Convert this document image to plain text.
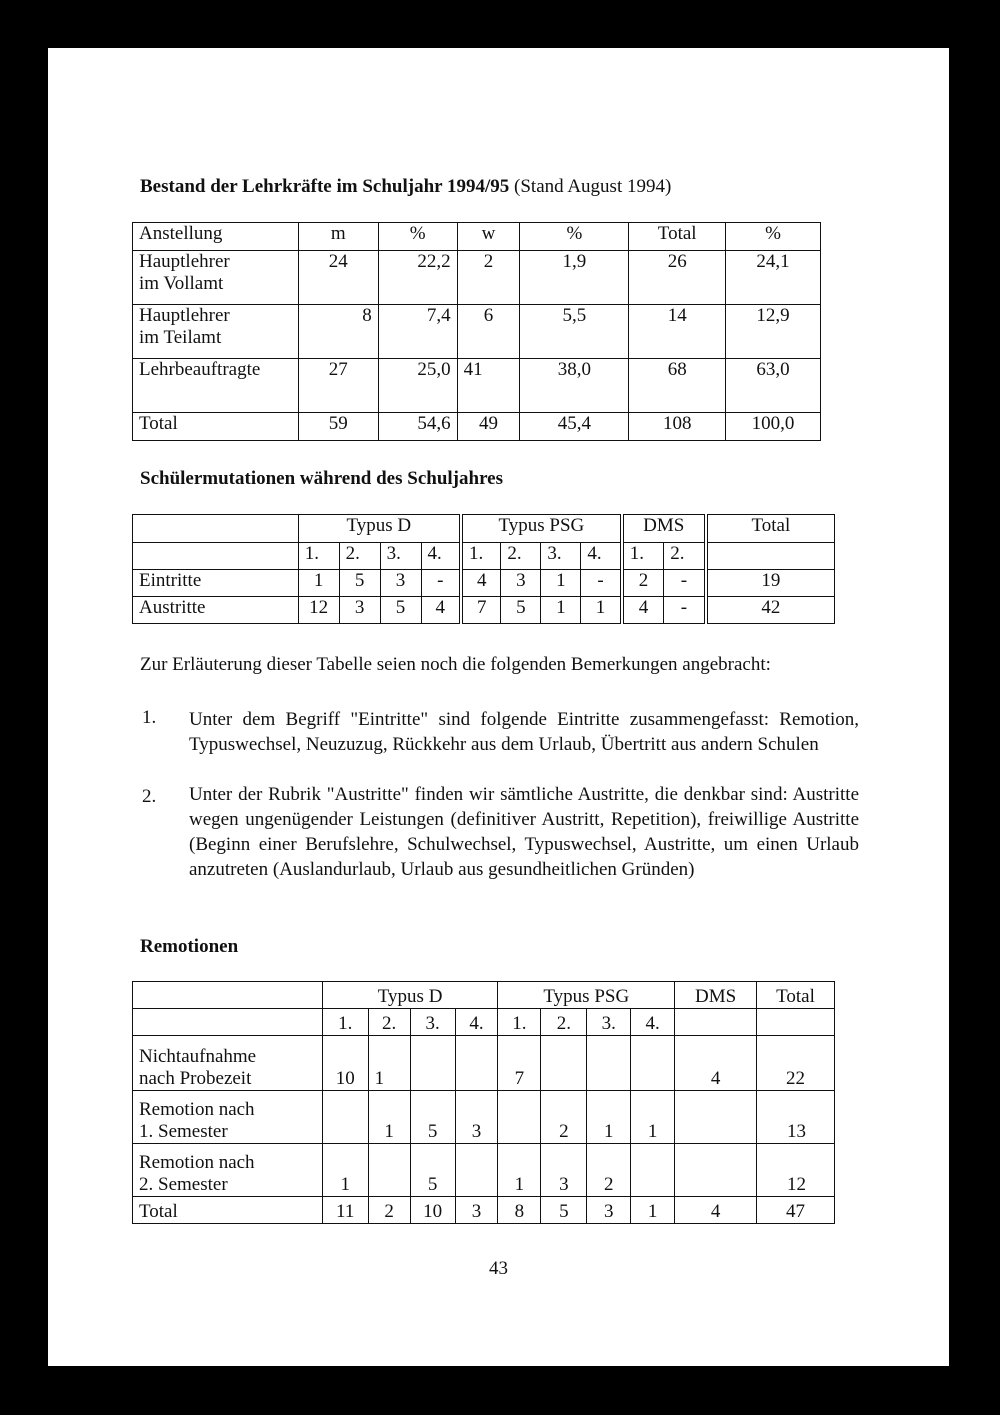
Bestand der Lehrkräfte im Schuljahr 1994/95 (Stand August 1994)
Anstellung	m	%	w	%	Total	%
Hauptlehrer
im Vollamt	24	22,2	2	1,9	26	24,1
Hauptlehrer
im Teilamt	8	7,4	6	5,5	14	12,9
Lehrbeauftragte	27	25,0	41	38,0	68	63,0
Total	59	54,6	49	45,4	108	100,0
Schülermutationen während des Schuljahres
	Typus D				Typus PSG				DMS		Total
	1.	2.	3.	4.	1.	2.	3.	4.	1.	2.	
Eintritte	1	5	3	-	4	3	1	-	2	-	19
Austritte	12	3	5	4	7	5	1	1	4	-	42
Zur Erläuterung dieser Tabelle seien noch die folgenden Bemerkungen angebracht:
1. Unter dem Begriff "Eintritte" sind folgende Eintritte zusammengefasst: Remotion, Typuswechsel, Neuzuzug, Rückkehr aus dem Urlaub, Übertritt aus andern Schulen
2. Unter der Rubrik "Austritte" finden wir sämtliche Austritte, die denkbar sind: Austritte wegen ungenügender Leistungen (definitiver Austritt, Repetition), freiwillige Austritte (Beginn einer Berufslehre, Schulwechsel, Typuswechsel, Austritte, um einen Urlaub anzutreten (Auslandurlaub, Urlaub aus gesundheitlichen Gründen)
Remotionen
	Typus D				Typus PSG				DMS	Total
	1.	2.	3.	4.	1.	2.	3.	4.		
Nichtaufnahme
nach Probezeit	10	1			7				4	22
Remotion nach
1. Semester		1	5	3		2	1	1		13
Remotion nach
2. Semester	1		5		1	3	2			12
Total	11	2	10	3	8	5	3	1	4	47
43
